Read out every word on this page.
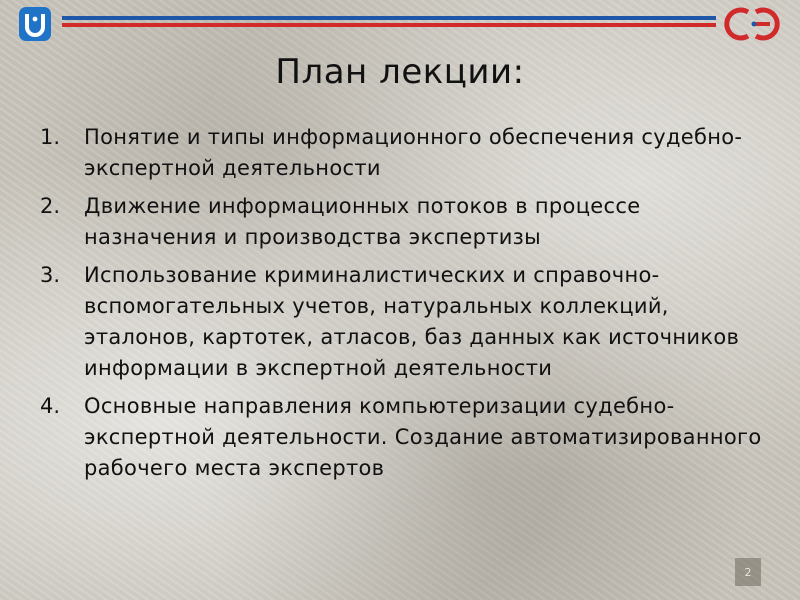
План лекции:
1.	Понятие и типы информационного обеспечения судебно-экспертной деятельности
2.	Движение информационных потоков в процессе назначения и производства экспертизы
3.	Использование криминалистических и справочно-вспомогательных учетов, натуральных коллекций, эталонов, картотек, атласов, баз данных как источников информации в экспертной деятельности
4.	Основные направления компьютеризации судебно-экспертной деятельности. Создание автоматизированного рабочего места экспертов
2
